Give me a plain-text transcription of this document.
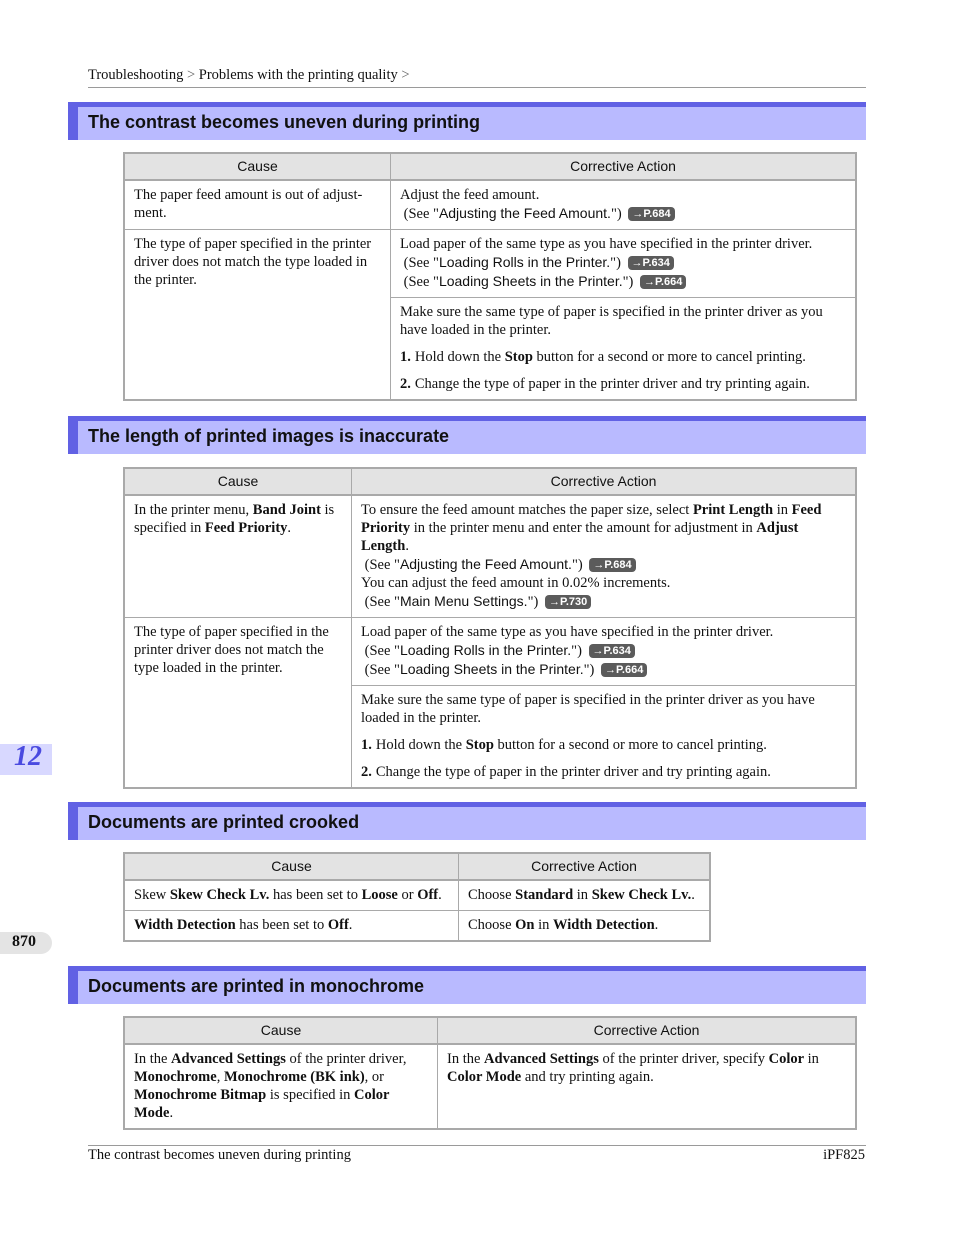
Troubleshooting > Problems with the printing quality >
The contrast becomes uneven during printing
Cause	Corrective Action
The paper feed amount is out of adjust-ment.	Adjust the feed amount.
(See "Adjusting the Feed Amount.") →P.684

The type of paper specified in the printer driver does not match the type loaded in the printer.	Load paper of the same type as you have specified in the printer driver.
(See "Loading Rolls in the Printer.") →P.634
(See "Loading Sheets in the Printer.") →P.664

	Make sure the same type of paper is specified in the printer driver as you have loaded in the printer.
1. Hold down the Stop button for a second or more to cancel printing.
2. Change the type of paper in the printer driver and try printing again.
The length of printed images is inaccurate
Cause	Corrective Action
In the printer menu, Band Joint is specified in Feed Priority.	To ensure the feed amount matches the paper size, select Print Length in Feed Priority in the printer menu and enter the amount for adjustment in Adjust Length.
(See "Adjusting the Feed Amount.") →P.684
You can adjust the feed amount in 0.02% increments.
(See "Main Menu Settings.") →P.730

The type of paper specified in the printer driver does not match the type loaded in the printer.	Load paper of the same type as you have specified in the printer driver.
(See "Loading Rolls in the Printer.") →P.634
(See "Loading Sheets in the Printer.") →P.664

	Make sure the same type of paper is specified in the printer driver as you have loaded in the printer.
1. Hold down the Stop button for a second or more to cancel printing.
2. Change the type of paper in the printer driver and try printing again.
12
Documents are printed crooked
Cause	Corrective Action
Skew Skew Check Lv. has been set to Loose or Off.	Choose Standard in Skew Check Lv..
Width Detection has been set to Off.	Choose On in Width Detection.
870
Documents are printed in monochrome
Cause	Corrective Action
In the Advanced Settings of the printer driver, Monochrome, Monochrome (BK ink), or Monochrome Bitmap is specified in Color Mode.	In the Advanced Settings of the printer driver, specify Color in Color Mode and try printing again.
The contrast becomes uneven during printing	iPF825
